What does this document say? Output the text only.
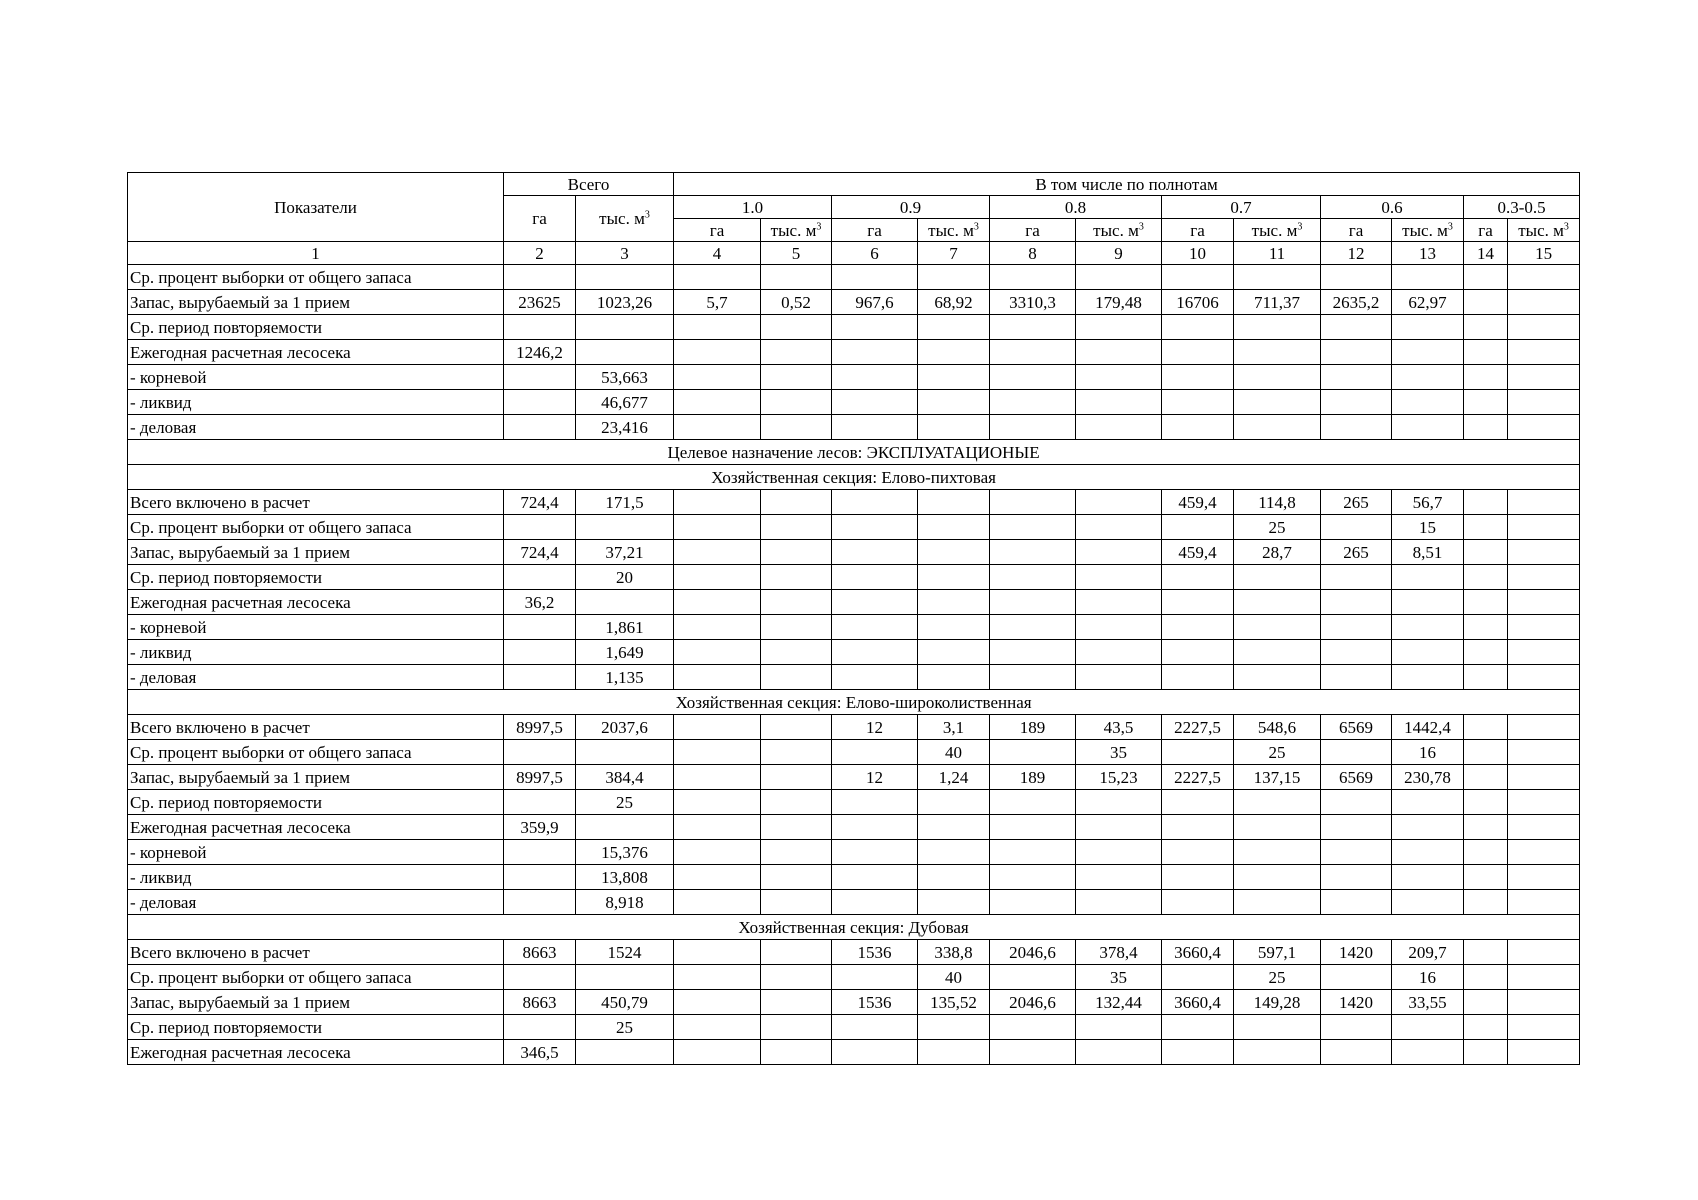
Показатели	Всего		В том числе по полнотам											
	га	тыс. $м^3$	1.0		0.9		0.8		0.7		0.6		0.3-0.5	
			га	тыс. $м^3$	га	тыс. $м^3$	га	тыс. $м^3$	га	тыс. $м^3$	га	тыс. $м^3$	га	тыс. $м^3$
1	2	3	4	5	6	7	8	9	10	11	12	13	14	15
Ср. процент выборки от общего запаса														
Запас, вырубаемый за 1 прием	23625	1023,26	5,7	0,52	967,6	68,92	3310,3	179,48	16706	711,37	2635,2	62,97		
Ср. период повторяемости														
Ежегодная расчетная лесосека	1246,2													
- корневой		53,663												
- ликвид		46,677												
- деловая		23,416												
Целевое назначение лесов: ЭКСПЛУАТАЦИОНЫЕ														
Хозяйственная секция: Елово-пихтовая														
Всего включено в расчет	724,4	171,5							459,4	114,8	265	56,7		
Ср. процент выборки от общего запаса										25		15		
Запас, вырубаемый за 1 прием	724,4	37,21							459,4	28,7	265	8,51		
Ср. период повторяемости		20												
Ежегодная расчетная лесосека	36,2													
- корневой		1,861												
- ликвид		1,649												
- деловая		1,135												
Хозяйственная секция: Елово-широколиственная														
Всего включено в расчет	8997,5	2037,6			12	3,1	189	43,5	2227,5	548,6	6569	1442,4		
Ср. процент выборки от общего запаса						40		35		25		16		
Запас, вырубаемый за 1 прием	8997,5	384,4			12	1,24	189	15,23	2227,5	137,15	6569	230,78		
Ср. период повторяемости		25												
Ежегодная расчетная лесосека	359,9													
- корневой		15,376												
- ликвид		13,808												
- деловая		8,918												
Хозяйственная секция: Дубовая														
Всего включено в расчет	8663	1524			1536	338,8	2046,6	378,4	3660,4	597,1	1420	209,7		
Ср. процент выборки от общего запаса						40		35		25		16		
Запас, вырубаемый за 1 прием	8663	450,79			1536	135,52	2046,6	132,44	3660,4	149,28	1420	33,55		
Ср. период повторяемости		25												
Ежегодная расчетная лесосека	346,5													
